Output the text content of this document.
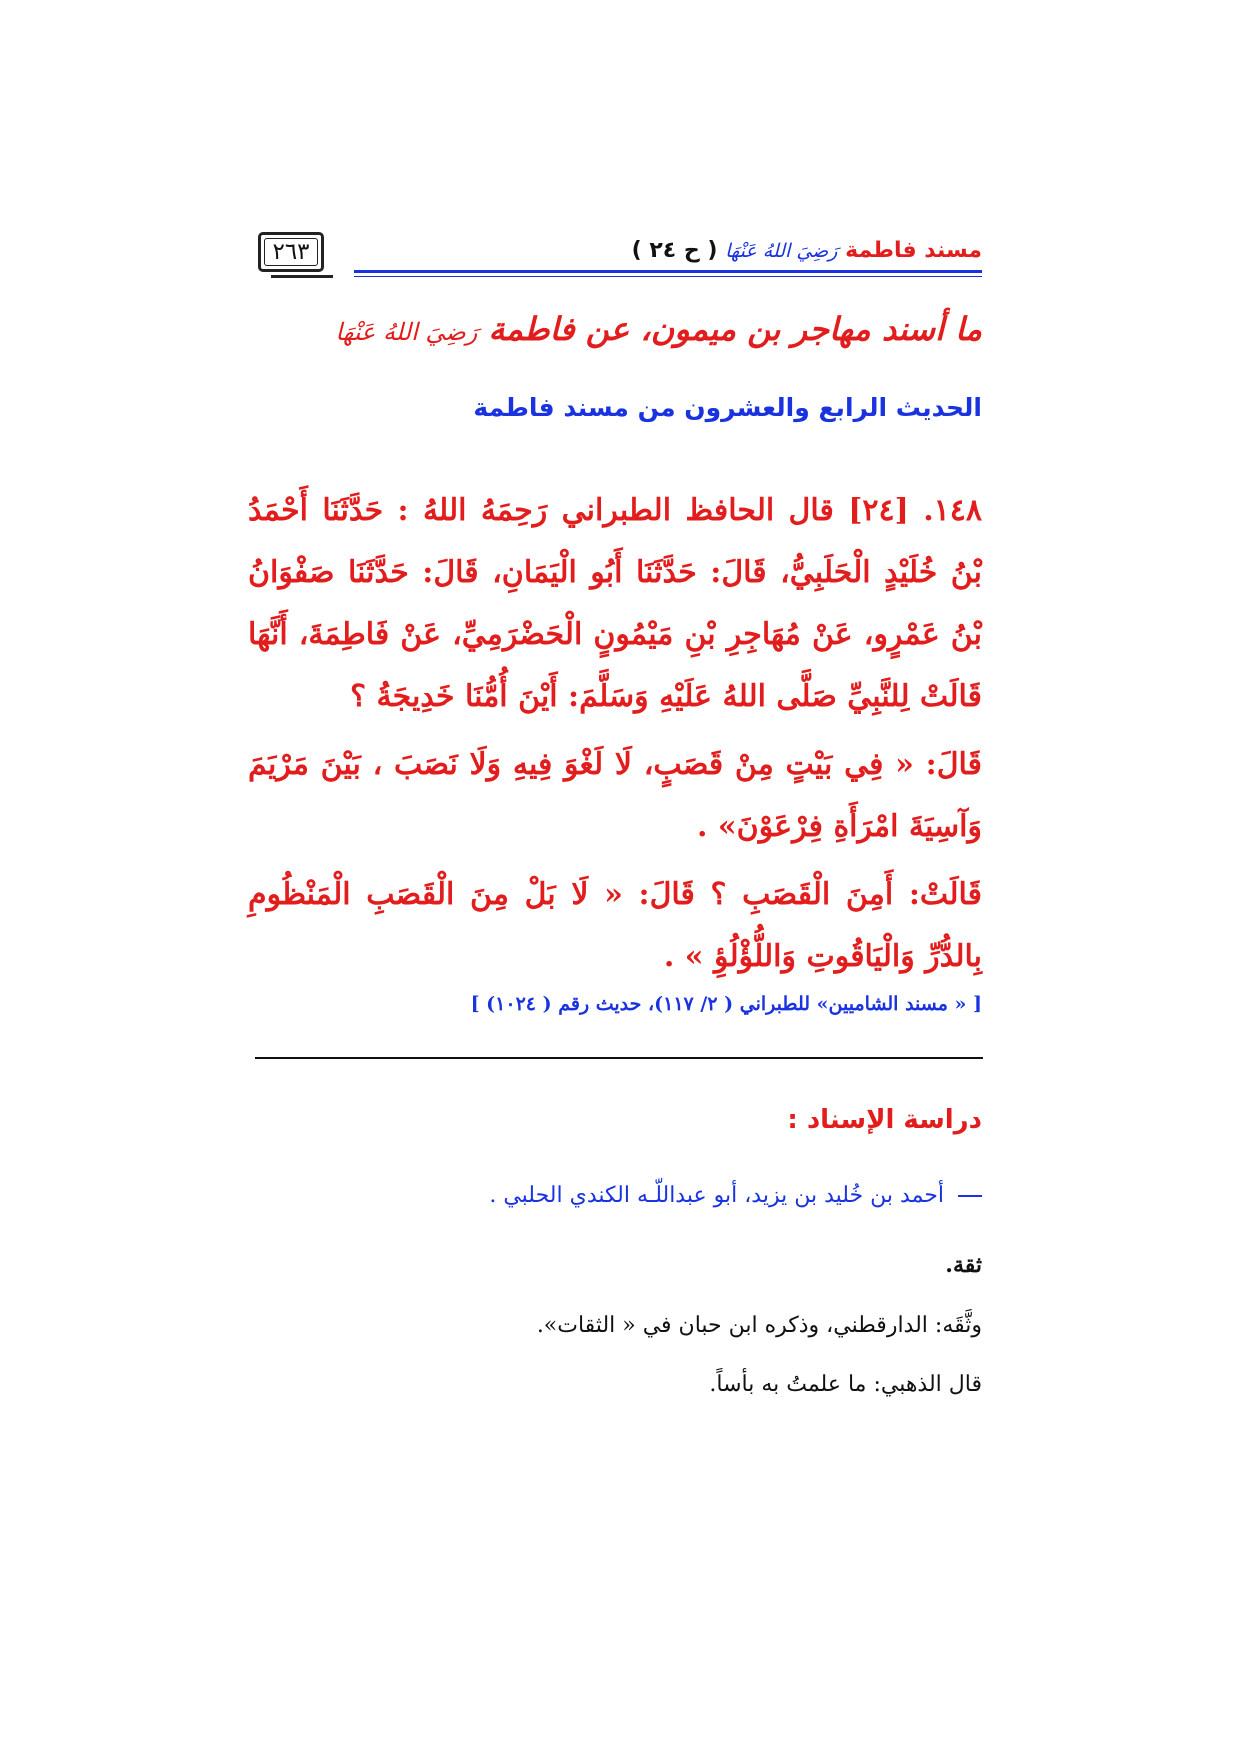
٢٦٣	مسند فاطمة رَضِيَ اللهُ عَنْهَا ( ح ٢٤ )
ما أسند مهاجر بن ميمون، عن فاطمة رَضِيَ اللهُ عَنْهَا
الحديث الرابع والعشرون من مسند فاطمة

١٤٨. [٢٤] قال الحافظ الطبراني رَحِمَهُ اللهُ : حَدَّثَنَا أَحْمَدُ بْنُ خُلَيْدٍ الْحَلَبِيُّ، قَالَ: حَدَّثَنَا أَبُو الْيَمَانِ، قَالَ: حَدَّثَنَا صَفْوَانُ بْنُ عَمْرٍو، عَنْ مُهَاجِرِ بْنِ مَيْمُونٍ الْحَضْرَمِيِّ، عَنْ فَاطِمَةَ، أَنَّهَا قَالَتْ لِلنَّبِيِّ صَلَّى اللهُ عَلَيْهِ وَسَلَّمَ: أَيْنَ أُمُّنَا خَدِيجَةُ ؟

قَالَ: « فِي بَيْتٍ مِنْ قَصَبٍ، لَا لَغْوَ فِيهِ وَلَا نَصَبَ ، بَيْنَ مَرْيَمَ وَآسِيَةَ امْرَأَةِ فِرْعَوْنَ» .

قَالَتْ: أَمِنَ الْقَصَبِ ؟ قَالَ: « لَا بَلْ مِنَ الْقَصَبِ الْمَنْظُومِ بِالدُّرِّ وَالْيَاقُوتِ وَاللُّؤْلُؤِ » .

[ « مسند الشاميين» للطبراني ( ٢/ ١١٧)، حديث رقم ( ١٠٢٤) ]
دراسة الإسناد :
أحمد بن خُليد بن يزيد، أبو عبداللّـه الكندي الحلبي .
ثقة.
وثَّقَه: الدارقطني، وذكره ابن حبان في « الثقات».
قال الذهبي: ما علمتُ به بأساً.
